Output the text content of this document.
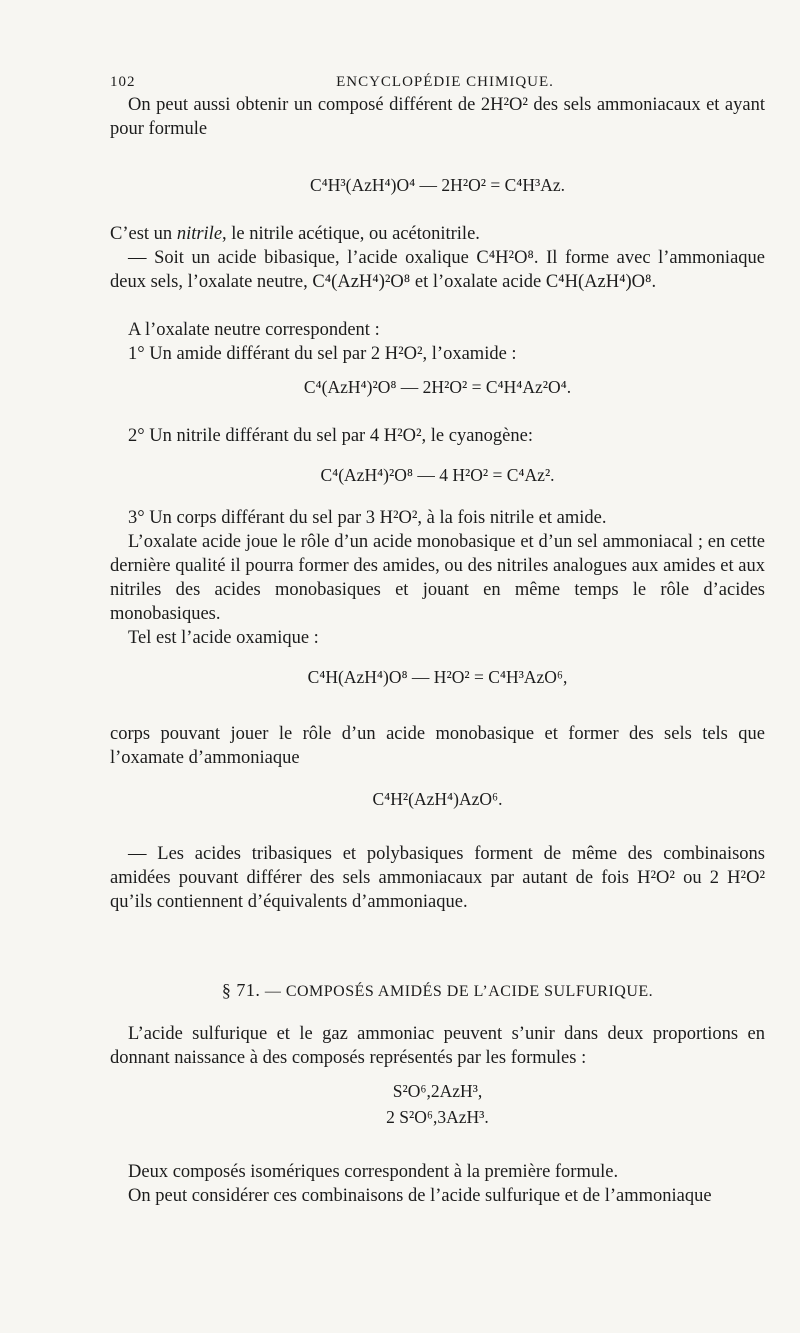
102	ENCYCLOPÉDIE CHIMIQUE.

On peut aussi obtenir un composé différent de 2H²O² des sels ammoniacaux et ayant pour formule

C⁴H³(AzH⁴)O⁴ — 2H²O² = C⁴H³Az.

C’est un nitrile, le nitrile acétique, ou acétonitrile.

— Soit un acide bibasique, l’acide oxalique C⁴H²O⁸. Il forme avec l’ammoniaque deux sels, l’oxalate neutre, C⁴(AzH⁴)²O⁸ et l’oxalate acide C⁴H(AzH⁴)O⁸.

A l’oxalate neutre correspondent :

1° Un amide différant du sel par 2 H²O², l’oxamide :

C⁴(AzH⁴)²O⁸ — 2H²O² = C⁴H⁴Az²O⁴.

2° Un nitrile différant du sel par 4 H²O², le cyanogène:

C⁴(AzH⁴)²O⁸ — 4 H²O² = C⁴Az².

3° Un corps différant du sel par 3 H²O², à la fois nitrile et amide.

L’oxalate acide joue le rôle d’un acide monobasique et d’un sel ammoniacal ; en cette dernière qualité il pourra former des amides, ou des nitriles analogues aux amides et aux nitriles des acides monobasiques et jouant en même temps le rôle d’acides monobasiques.

Tel est l’acide oxamique :

C⁴H(AzH⁴)O⁸ — H²O² = C⁴H³AzO⁶,

corps pouvant jouer le rôle d’un acide monobasique et former des sels tels que l’oxamate d’ammoniaque

C⁴H²(AzH⁴)AzO⁶.

— Les acides tribasiques et polybasiques forment de même des combinaisons amidées pouvant différer des sels ammoniacaux par autant de fois H²O² ou 2 H²O² qu’ils contiennent d’équivalents d’ammoniaque.

§ 71. — COMPOSÉS AMIDÉS DE L’ACIDE SULFURIQUE.

L’acide sulfurique et le gaz ammoniac peuvent s’unir dans deux proportions en donnant naissance à des composés représentés par les formules :

S²O⁶,2AzH³,

2 S²O⁶,3AzH³.

Deux composés isomériques correspondent à la première formule.

On peut considérer ces combinaisons de l’acide sulfurique et de l’ammoniaque
